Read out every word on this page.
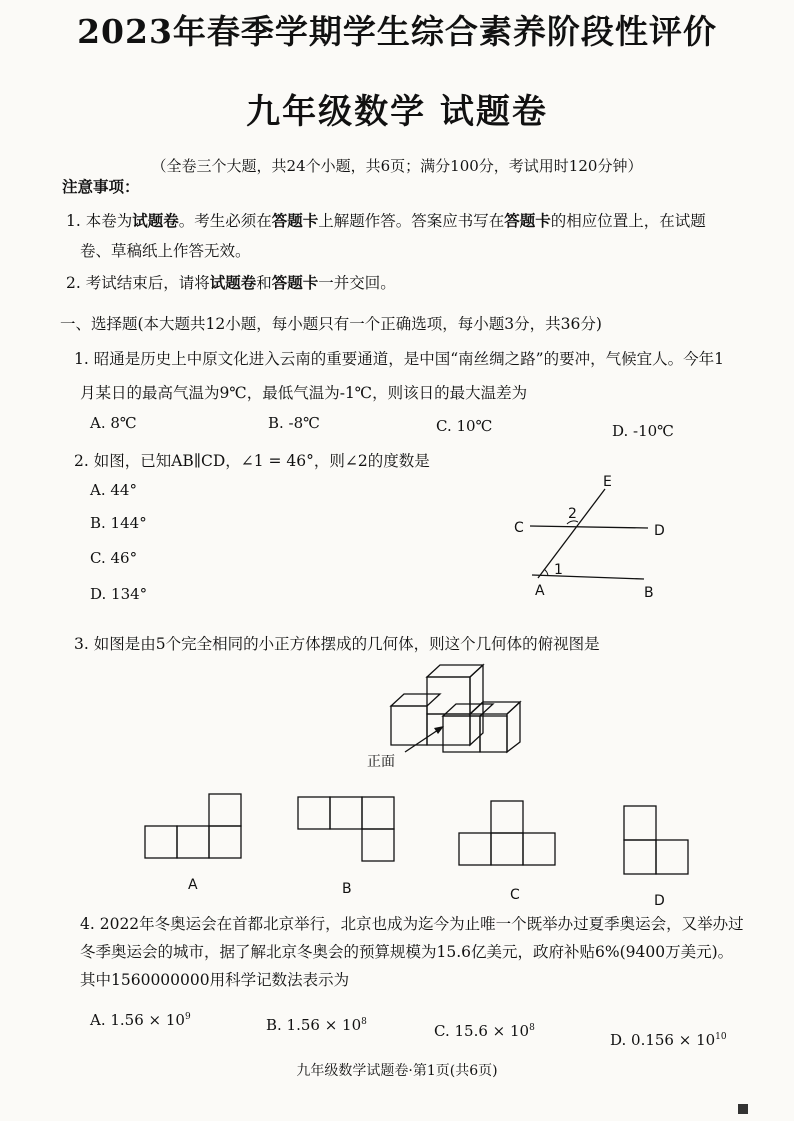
2023年春季学期学生综合素养阶段性评价
九年级数学 试题卷
（全卷三个大题，共24个小题，共6页；满分100分，考试用时120分钟）
注意事项：
1. 本卷为试题卷。考生必须在答题卡上解题作答。答案应书写在答题卡的相应位置上，在试题
卷、草稿纸上作答无效。
2. 考试结束后，请将试题卷和答题卡一并交回。
一、选择题(本大题共12小题，每小题只有一个正确选项，每小题3分，共36分)
1. 昭通是历史上中原文化进入云南的重要通道，是中国“南丝绸之路”的要冲，气候宜人。今年1
月某日的最高气温为9℃，最低气温为-1℃，则该日的最大温差为
A. 8℃	B. -8℃	C. 10℃	D. -10℃
2. 如图，已知AB∥CD，∠1 = 46°，则∠2的度数是
A. 44°
B. 144°
C. 46°
D. 134°
E
C	D
2
1
A	B
3. 如图是由5个完全相同的小正方体摆成的几何体，则这个几何体的俯视图是
正面
A	B	C	D
4. 2022年冬奥运会在首都北京举行，北京也成为迄今为止唯一个既举办过夏季奥运会，又举办过
冬季奥运会的城市，据了解北京冬奥会的预算规模为15.6亿美元，政府补贴6%(9400万美元)。
其中1560000000用科学记数法表示为
A. $1.56 \times 10^9$	B. $1.56 \times 10^8$	C. $15.6 \times 10^8$
D. $0.156 \times 10^{10}$
九年级数学试题卷·第1页(共6页)
